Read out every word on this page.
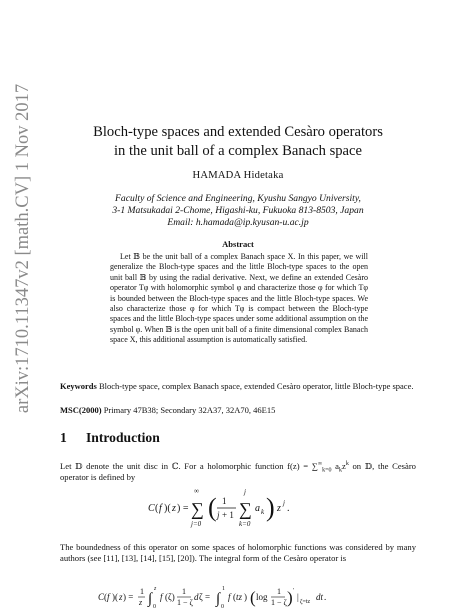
arXiv:1710.11347v2 [math.CV] 1 Nov 2017	Bloch-type spaces and extended Cesàro operators
in the unit ball of a complex Banach space
HAMADA Hidetaka
Faculty of Science and Engineering, Kyushu Sangyo University,
3-1 Matsukadai 2-Chome, Higashi-ku, Fukuoka 813-8503, Japan
Email: h.hamada@ip.kyusan-u.ac.jp
Abstract
Let 𝔹 be the unit ball of a complex Banach space X. In this paper, we will generalize the Bloch-type spaces and the little Bloch-type spaces to the open unit ball 𝔹 by using the radial derivative. Next, we define an extended Cesàro operator Tφ with holomorphic symbol φ and characterize those φ for which Tφ is bounded between the Bloch-type spaces and the little Bloch-type spaces. We also characterize those φ for which Tφ is compact between the Bloch-type spaces and the little Bloch-type spaces under some additional assumption on the symbol φ. When 𝔹 is the open unit ball of a finite dimensional complex Banach space X, this additional assumption is automatically satisfied.
Keywords Bloch-type space, complex Banach space, extended Cesàro operator, little Bloch-type space.
MSC(2000) Primary 47B38; Secondary 32A37, 32A70, 46E15
1 Introduction
Let 𝔻 denote the unit disc in ℂ. For a holomorphic function $f(z) = \sum^\infty_{k=0}$ $a_kz^k$ on 𝔻, the Cesàro operator is defined by
C ( f )( z ) =
∞
∑
j=0
( 1
j + 1
j
∑
k=0
a k ) z j .
The boundedness of this operator on some spaces of holomorphic functions was considered by many authors (see [11], [13], [14], [15], [20]). The integral form of the Cesàro operator is
C ( f )( z ) =
1
z ∫
z
0
f (ζ)
1
1 − ζ
d ζ = ∫
1
0
f ( tz ) ( log
1
1 − ζ ) ′
| ζ=tz dt .
